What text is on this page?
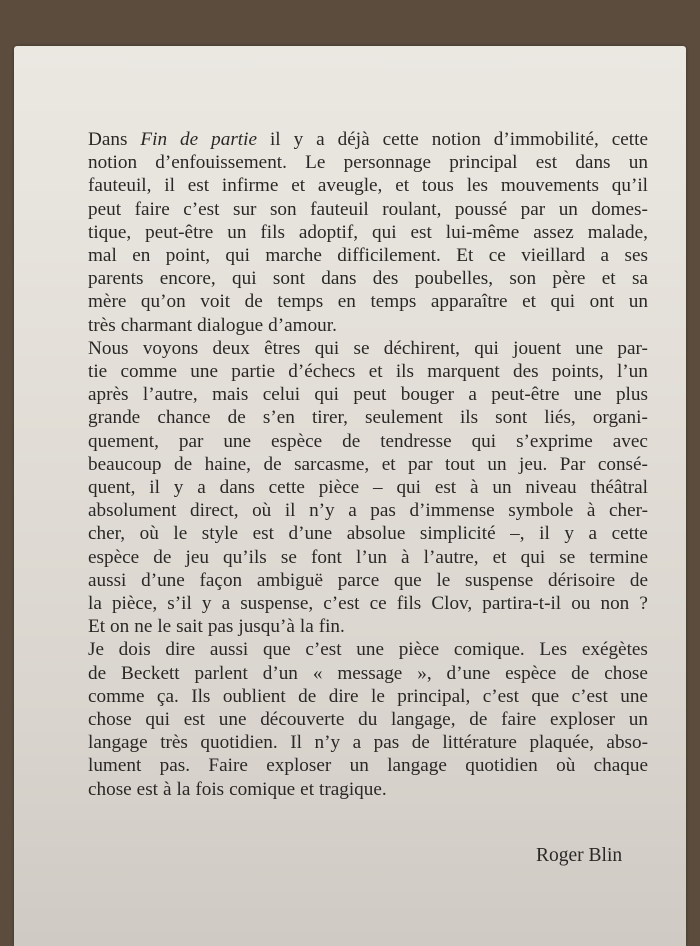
Dans Fin de partie il y a déjà cette notion d’immobilité, cette
notion d’enfouissement. Le personnage principal est dans un
fauteuil, il est infirme et aveugle, et tous les mouvements qu’il
peut faire c’est sur son fauteuil roulant, poussé par un domes-
tique, peut-être un fils adoptif, qui est lui-même assez malade,
mal en point, qui marche difficilement. Et ce vieillard a ses
parents encore, qui sont dans des poubelles, son père et sa
mère qu’on voit de temps en temps apparaître et qui ont un
très charmant dialogue d’amour.
Nous voyons deux êtres qui se déchirent, qui jouent une par-
tie comme une partie d’échecs et ils marquent des points, l’un
après l’autre, mais celui qui peut bouger a peut-être une plus
grande chance de s’en tirer, seulement ils sont liés, organi-
quement, par une espèce de tendresse qui s’exprime avec
beaucoup de haine, de sarcasme, et par tout un jeu. Par consé-
quent, il y a dans cette pièce – qui est à un niveau théâtral
absolument direct, où il n’y a pas d’immense symbole à cher-
cher, où le style est d’une absolue simplicité –, il y a cette
espèce de jeu qu’ils se font l’un à l’autre, et qui se termine
aussi d’une façon ambiguë parce que le suspense dérisoire de
la pièce, s’il y a suspense, c’est ce fils Clov, partira-t-il ou non ?
Et on ne le sait pas jusqu’à la fin.
Je dois dire aussi que c’est une pièce comique. Les exégètes
de Beckett parlent d’un « message », d’une espèce de chose
comme ça. Ils oublient de dire le principal, c’est que c’est une
chose qui est une découverte du langage, de faire exploser un
langage très quotidien. Il n’y a pas de littérature plaquée, abso-
lument pas. Faire exploser un langage quotidien où chaque
chose est à la fois comique et tragique.
Roger Blin
